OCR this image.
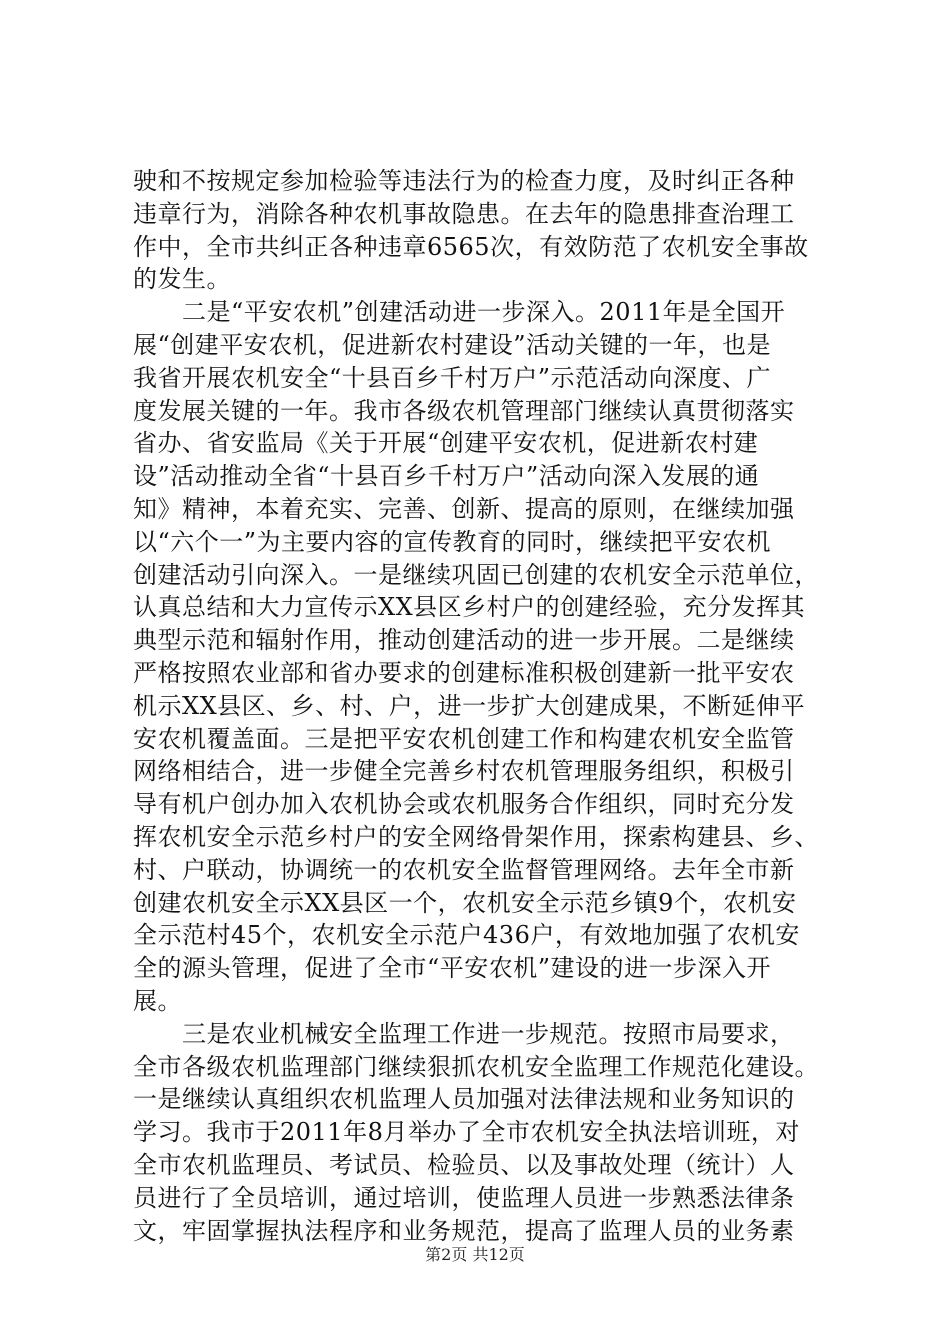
驶和不按规定参加检验等违法行为的检查力度，及时纠正各种
违章行为，消除各种农机事故隐患。在去年的隐患排查治理工
作中，全市共纠正各种违章6565次，有效防范了农机安全事故
的发生。
　　二是“平安农机”创建活动进一步深入。2011年是全国开
展“创建平安农机，促进新农村建设”活动关键的一年，也是
我省开展农机安全“十县百乡千村万户”示范活动向深度、广
度发展关键的一年。我市各级农机管理部门继续认真贯彻落实
省办、省安监局《关于开展“创建平安农机，促进新农村建
设”活动推动全省“十县百乡千村万户”活动向深入发展的通
知》精神，本着充实、完善、创新、提高的原则，在继续加强
以“六个一”为主要内容的宣传教育的同时，继续把平安农机
创建活动引向深入。一是继续巩固已创建的农机安全示范单位，
认真总结和大力宣传示XX县区乡村户的创建经验，充分发挥其
典型示范和辐射作用，推动创建活动的进一步开展。二是继续
严格按照农业部和省办要求的创建标准积极创建新一批平安农
机示XX县区、乡、村、户，进一步扩大创建成果，不断延伸平
安农机覆盖面。三是把平安农机创建工作和构建农机安全监管
网络相结合，进一步健全完善乡村农机管理服务组织，积极引
导有机户创办加入农机协会或农机服务合作组织，同时充分发
挥农机安全示范乡村户的安全网络骨架作用，探索构建县、乡、
村、户联动，协调统一的农机安全监督管理网络。去年全市新
创建农机安全示XX县区一个，农机安全示范乡镇9个，农机安
全示范村45个，农机安全示范户436户，有效地加强了农机安
全的源头管理，促进了全市“平安农机”建设的进一步深入开
展。
　　三是农业机械安全监理工作进一步规范。按照市局要求，
全市各级农机监理部门继续狠抓农机安全监理工作规范化建设。
一是继续认真组织农机监理人员加强对法律法规和业务知识的
学习。我市于2011年8月举办了全市农机安全执法培训班，对
全市农机监理员、考试员、检验员、以及事故处理（统计）人
员进行了全员培训，通过培训，使监理人员进一步熟悉法律条
文，牢固掌握执法程序和业务规范，提高了监理人员的业务素
第2页 共12页
